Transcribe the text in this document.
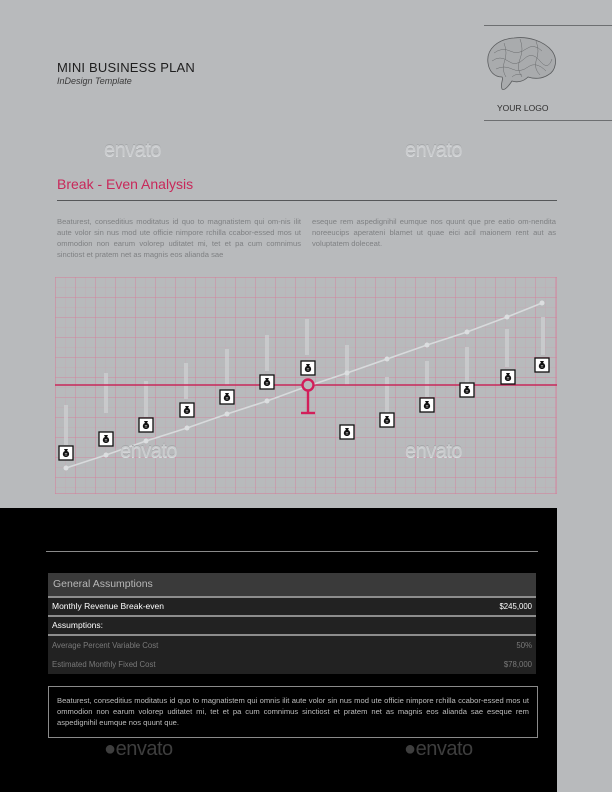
MINI BUSINESS PLAN
InDesign Template
YOUR LOGO
envato	envato
Break - Even Analysis
Beaturest, conseditius moditatus id quo to magnatistem qui om-nis ilit aute volor sin nus mod ute officie nimpore rchilla ccabor-essed mos ut ommodion non earum volorep uditatet mi, tet et pa cum comnimus sinctiost et pratem net as magnis eos alianda sae
eseque rem aspedignihil eumque nos quunt que pre eatio om-nendita noreeucips aperateni blamet ut quae eici acil maionem rent aut as voluptatem doleceat.
envato
envato
General Assumptions
Monthly Revenue Break-even	$245,000
Assumptions:
Average Percent Variable Cost	50%
Estimated Monthly Fixed Cost	$78,000
Beaturest, conseditius moditatus id quo to magnatistem qui omnis ilit aute volor sin nus mod ute officie nimpore rchilla ccabor-essed mos ut ommodion non earum volorep uditatet mi, tet et pa cum comnimus sinctiost et pratem net as magnis eos alianda sae eseque rem aspedignihil eumque nos quunt que.
●envato	●envato
